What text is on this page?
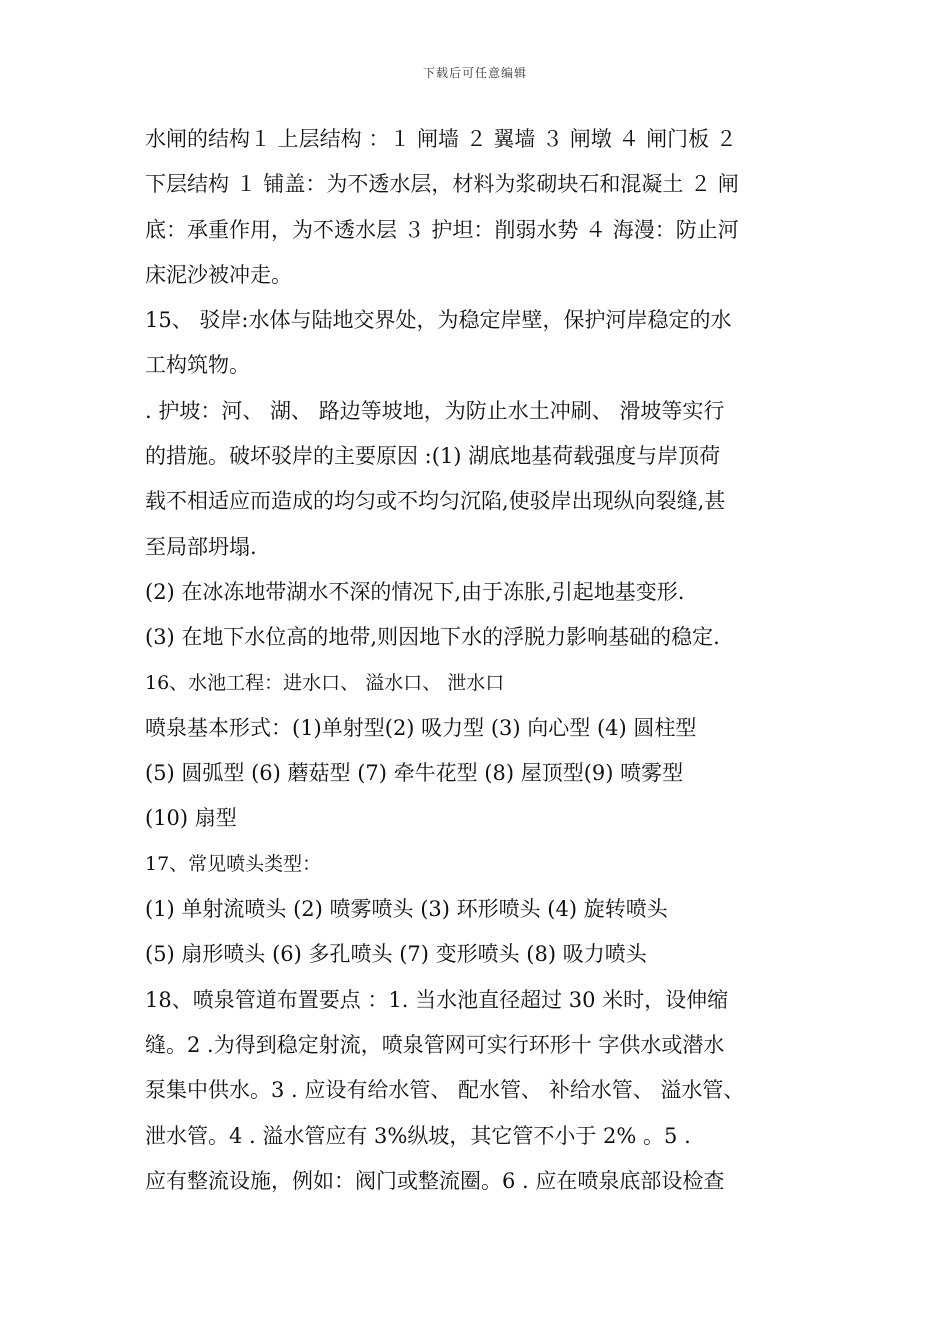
下载后可任意编辑
水闸的结构１ 上层结构 ：１ 闸墙 ２ 翼墙 ３ 闸墩 ４ 闸门板 ２
下层结构 １ 铺盖：为不透水层，材料为浆砌块石和混凝土 ２ 闸
底：承重作用，为不透水层 ３ 护坦：削弱水势 ４ 海漫：防止河
床泥沙被冲走。
15、 驳岸:水体与陆地交界处，为稳定岸壁，保护河岸稳定的水
工构筑物。
. 护坡：河、 湖、 路边等坡地，为防止水土冲刷、 滑坡等实行
的措施。破坏驳岸的主要原因 :(1) 湖底地基荷载强度与岸顶荷
载不相适应而造成的均匀或不均匀沉陷,使驳岸出现纵向裂缝,甚
至局部坍塌.
(2) 在冰冻地带湖水不深的情况下,由于冻胀,引起地基变形.
(3) 在地下水位高的地带,则因地下水的浮脱力影响基础的稳定.
16、水池工程：进水口、 溢水口、 泄水口
喷泉基本形式：(1)单射型(2) 吸力型 (3) 向心型 (4) 圆柱型
(5) 圆弧型 (6) 蘑菇型 (7) 牵牛花型 (8) 屋顶型(9) 喷雾型
(10) 扇型
17、常见喷头类型：
(1) 单射流喷头 (2) 喷雾喷头 (3) 环形喷头 (4) 旋转喷头
(5) 扇形喷头 (6) 多孔喷头 (7) 变形喷头 (8) 吸力喷头
18、喷泉管道布置要点 ：1. 当水池直径超过 30 米时，设伸缩
缝。2 .为得到稳定射流，喷泉管网可实行环形十 字供水或潜水
泵集中供水。3 . 应设有给水管、 配水管、 补给水管、 溢水管、
泄水管。4 . 溢水管应有 3%纵坡，其它管不小于 2% 。5 .
应有整流设施，例如：阀门或整流圈。6 . 应在喷泉底部设检查
